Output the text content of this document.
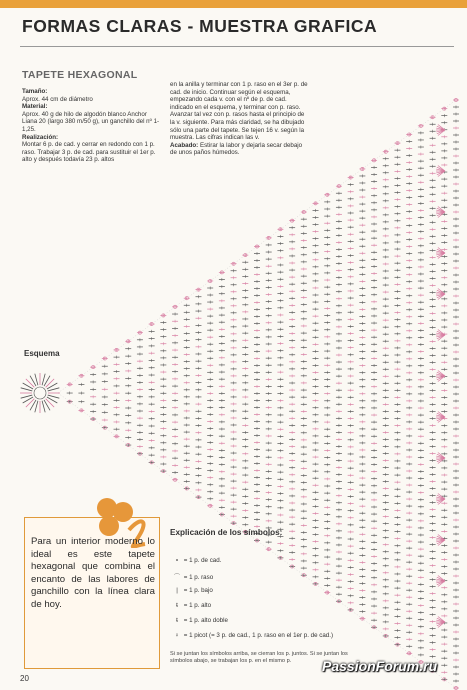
FORMAS CLARAS - MUESTRA GRAFICA
TAPETE HEXAGONAL

Tamaño:

Aprox. 44 cm de diámetro

Material:

Aprox. 40 g de hilo de algodón blanco Anchor Liana 20 (largo 380 m/50 g), un ganchillo del nº 1-1,25.

Realización:

Montar 6 p. de cad. y cerrar en redondo con 1 p. raso. Trabajar 3 p. de cad. para sustituir el 1er p. alto y después todavía 23 p. altos

en la anilla y terminar con 1 p. raso en el 3er p. de cad. de inicio. Continuar según el esquema, empezando cada v. con el nº de p. de cad. indicado en el esquema, y terminar con p. raso. Avanzar tal vez con p. rasos hasta el principio de la v. siguiente. Para más claridad, se ha dibujado sólo una parte del tapete. Se tejen 16 v. según la muestra. Las cifras indican las v.

Acabado: Estirar la labor y dejarla secar debajo de unos paños húmedos.

Esquema
Para un interior moderno lo ideal es este tapete hexagonal que combina el encanto de las labores de ganchillo con la línea clara de hoy.
Explicación de los símbolos:
∘ = 1 p. de cad.
⌒ = 1 p. raso
| = 1 p. bajo
ŧ = 1 p. alto
ŧ = 1 p. alto doble
♀ = 1 picot (= 3 p. de cad., 1 p. raso en el 1er p. de cad.)
Si se juntan los símbolos arriba, se cierran los p. juntos. Si se juntan los símbolos abajo, se trabajan los p. en el mismo p.
20
PassionForum.ru
